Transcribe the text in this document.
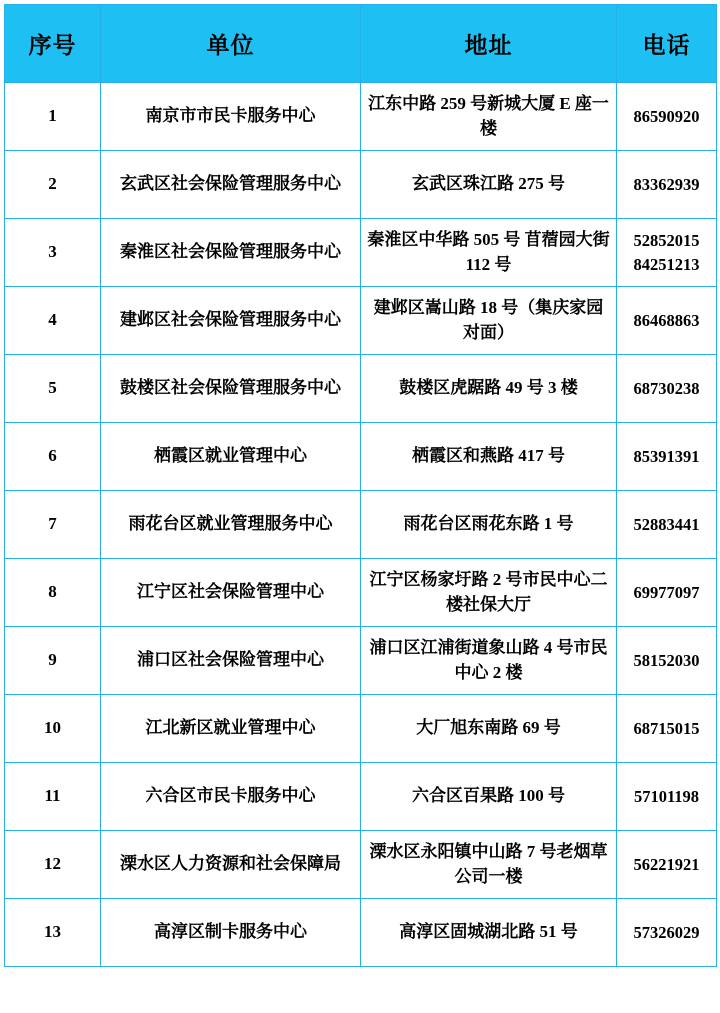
序号	单位	地址	电话
1	南京市市民卡服务中心	江东中路 259 号新城大厦 E 座一楼	86590920

2	玄武区社会保险管理服务中心	玄武区珠江路 275 号	83362939

3	秦淮区社会保险管理服务中心	秦淮区中华路 505 号 苜蓿园大街 112 号	52852015
84251213

4	建邺区社会保险管理服务中心	建邺区嵩山路 18 号（集庆家园对面）	86468863

5	鼓楼区社会保险管理服务中心	鼓楼区虎踞路 49 号 3 楼	68730238

6	栖霞区就业管理中心	栖霞区和燕路 417 号	85391391

7	雨花台区就业管理服务中心	雨花台区雨花东路 1 号	52883441

8	江宁区社会保险管理中心	江宁区杨家圩路 2 号市民中心二楼社保大厅	69977097

9	浦口区社会保险管理中心	浦口区江浦街道象山路 4 号市民中心 2 楼	58152030

10	江北新区就业管理中心	大厂旭东南路 69 号	68715015

11	六合区市民卡服务中心	六合区百果路 100 号	57101198

12	溧水区人力资源和社会保障局	溧水区永阳镇中山路 7 号老烟草公司一楼	56221921

13	高淳区制卡服务中心	高淳区固城湖北路 51 号	57326029
